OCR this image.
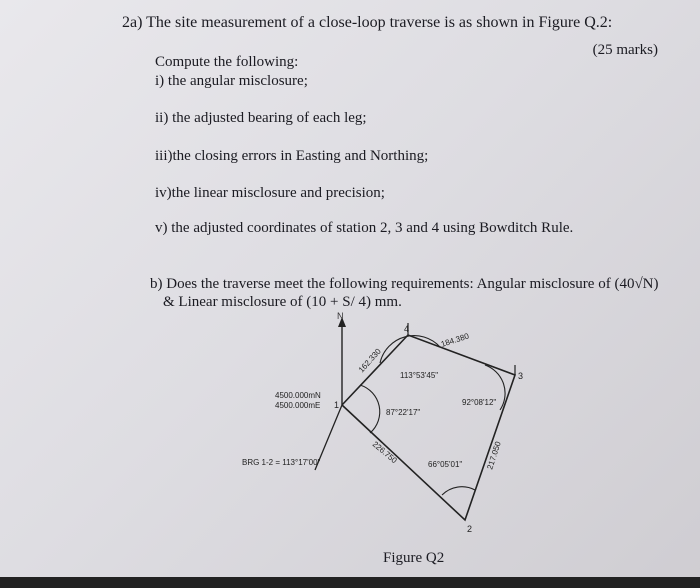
2a) The site measurement of a close-loop traverse is as shown in Figure Q.2:
(25 marks)
Compute the following:
i) the angular misclosure;
ii) the adjusted bearing of each leg;
iii)the closing errors in Easting and Northing;
iv)the linear misclosure and precision;
v) the adjusted coordinates of station 2, 3 and 4 using Bowditch Rule.
b) Does the traverse meet the following requirements: Angular misclosure of (40√N)
& Linear misclosure of (10 + S/ 4) mm.
N
1
2
3
4
4500.000mN
4500.000mE
113°53'45"
92°08'12"
87°22'17"
66°05'01"
184.380
217.050
226.750
162.330
BRG 1-2 = 113°17'00"
Figure Q2
